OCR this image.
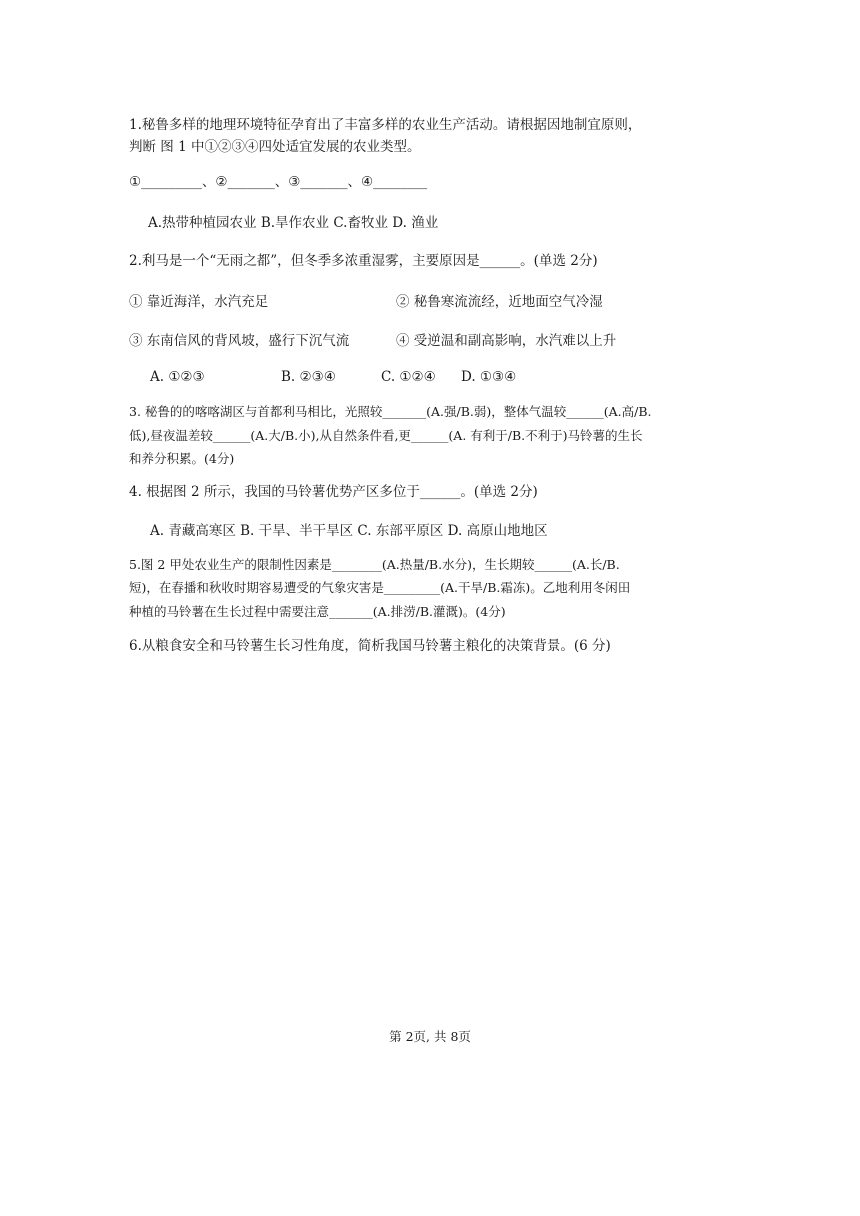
1.秘鲁多样的地理环境特征孕育出了丰富多样的农业生产活动。请根据因地制宜原则，
判断 图 1 中①②③④四处适宜发展的农业类型。
①_________、②_______、③_______、④________
A.热带种植园农业 B.旱作农业 C.畜牧业 D. 渔业
2.利马是一个“无雨之都”，但冬季多浓重湿雾，主要原因是______。(单选 2分)
① 靠近海洋，水汽充足	② 秘鲁寒流流经，近地面空气冷湿
③ 东南信风的背风坡，盛行下沉气流	④ 受逆温和副高影响，水汽难以上升
A. ①②③	B. ②③④	C. ①②④ D. ①③④
3. 秘鲁的的喀喀湖区与首都利马相比，光照较_______(A.强/B.弱)，整体气温较______(A.高/B.
低),昼夜温差较______(A.大/B.小),从自然条件看,更______(A. 有利于/B.不利于)马铃薯的生长
和养分积累。(4分)
4. 根据图 2 所示，我国的马铃薯优势产区多位于______。(单选 2分)
A. 青藏高寒区 B. 干旱、半干旱区 C. 东部平原区 D. 高原山地地区
5.图 2 甲处农业生产的限制性因素是________(A.热量/B.水分)，生长期较______(A.长/B.
短)，在春播和秋收时期容易遭受的气象灾害是_________(A.干旱/B.霜冻)。乙地利用冬闲田
种植的马铃薯在生长过程中需要注意_______(A.排涝/B.灌溉)。(4分)
6.从粮食安全和马铃薯生长习性角度，简析我国马铃薯主粮化的决策背景。(6 分)
第 2页, 共 8页
